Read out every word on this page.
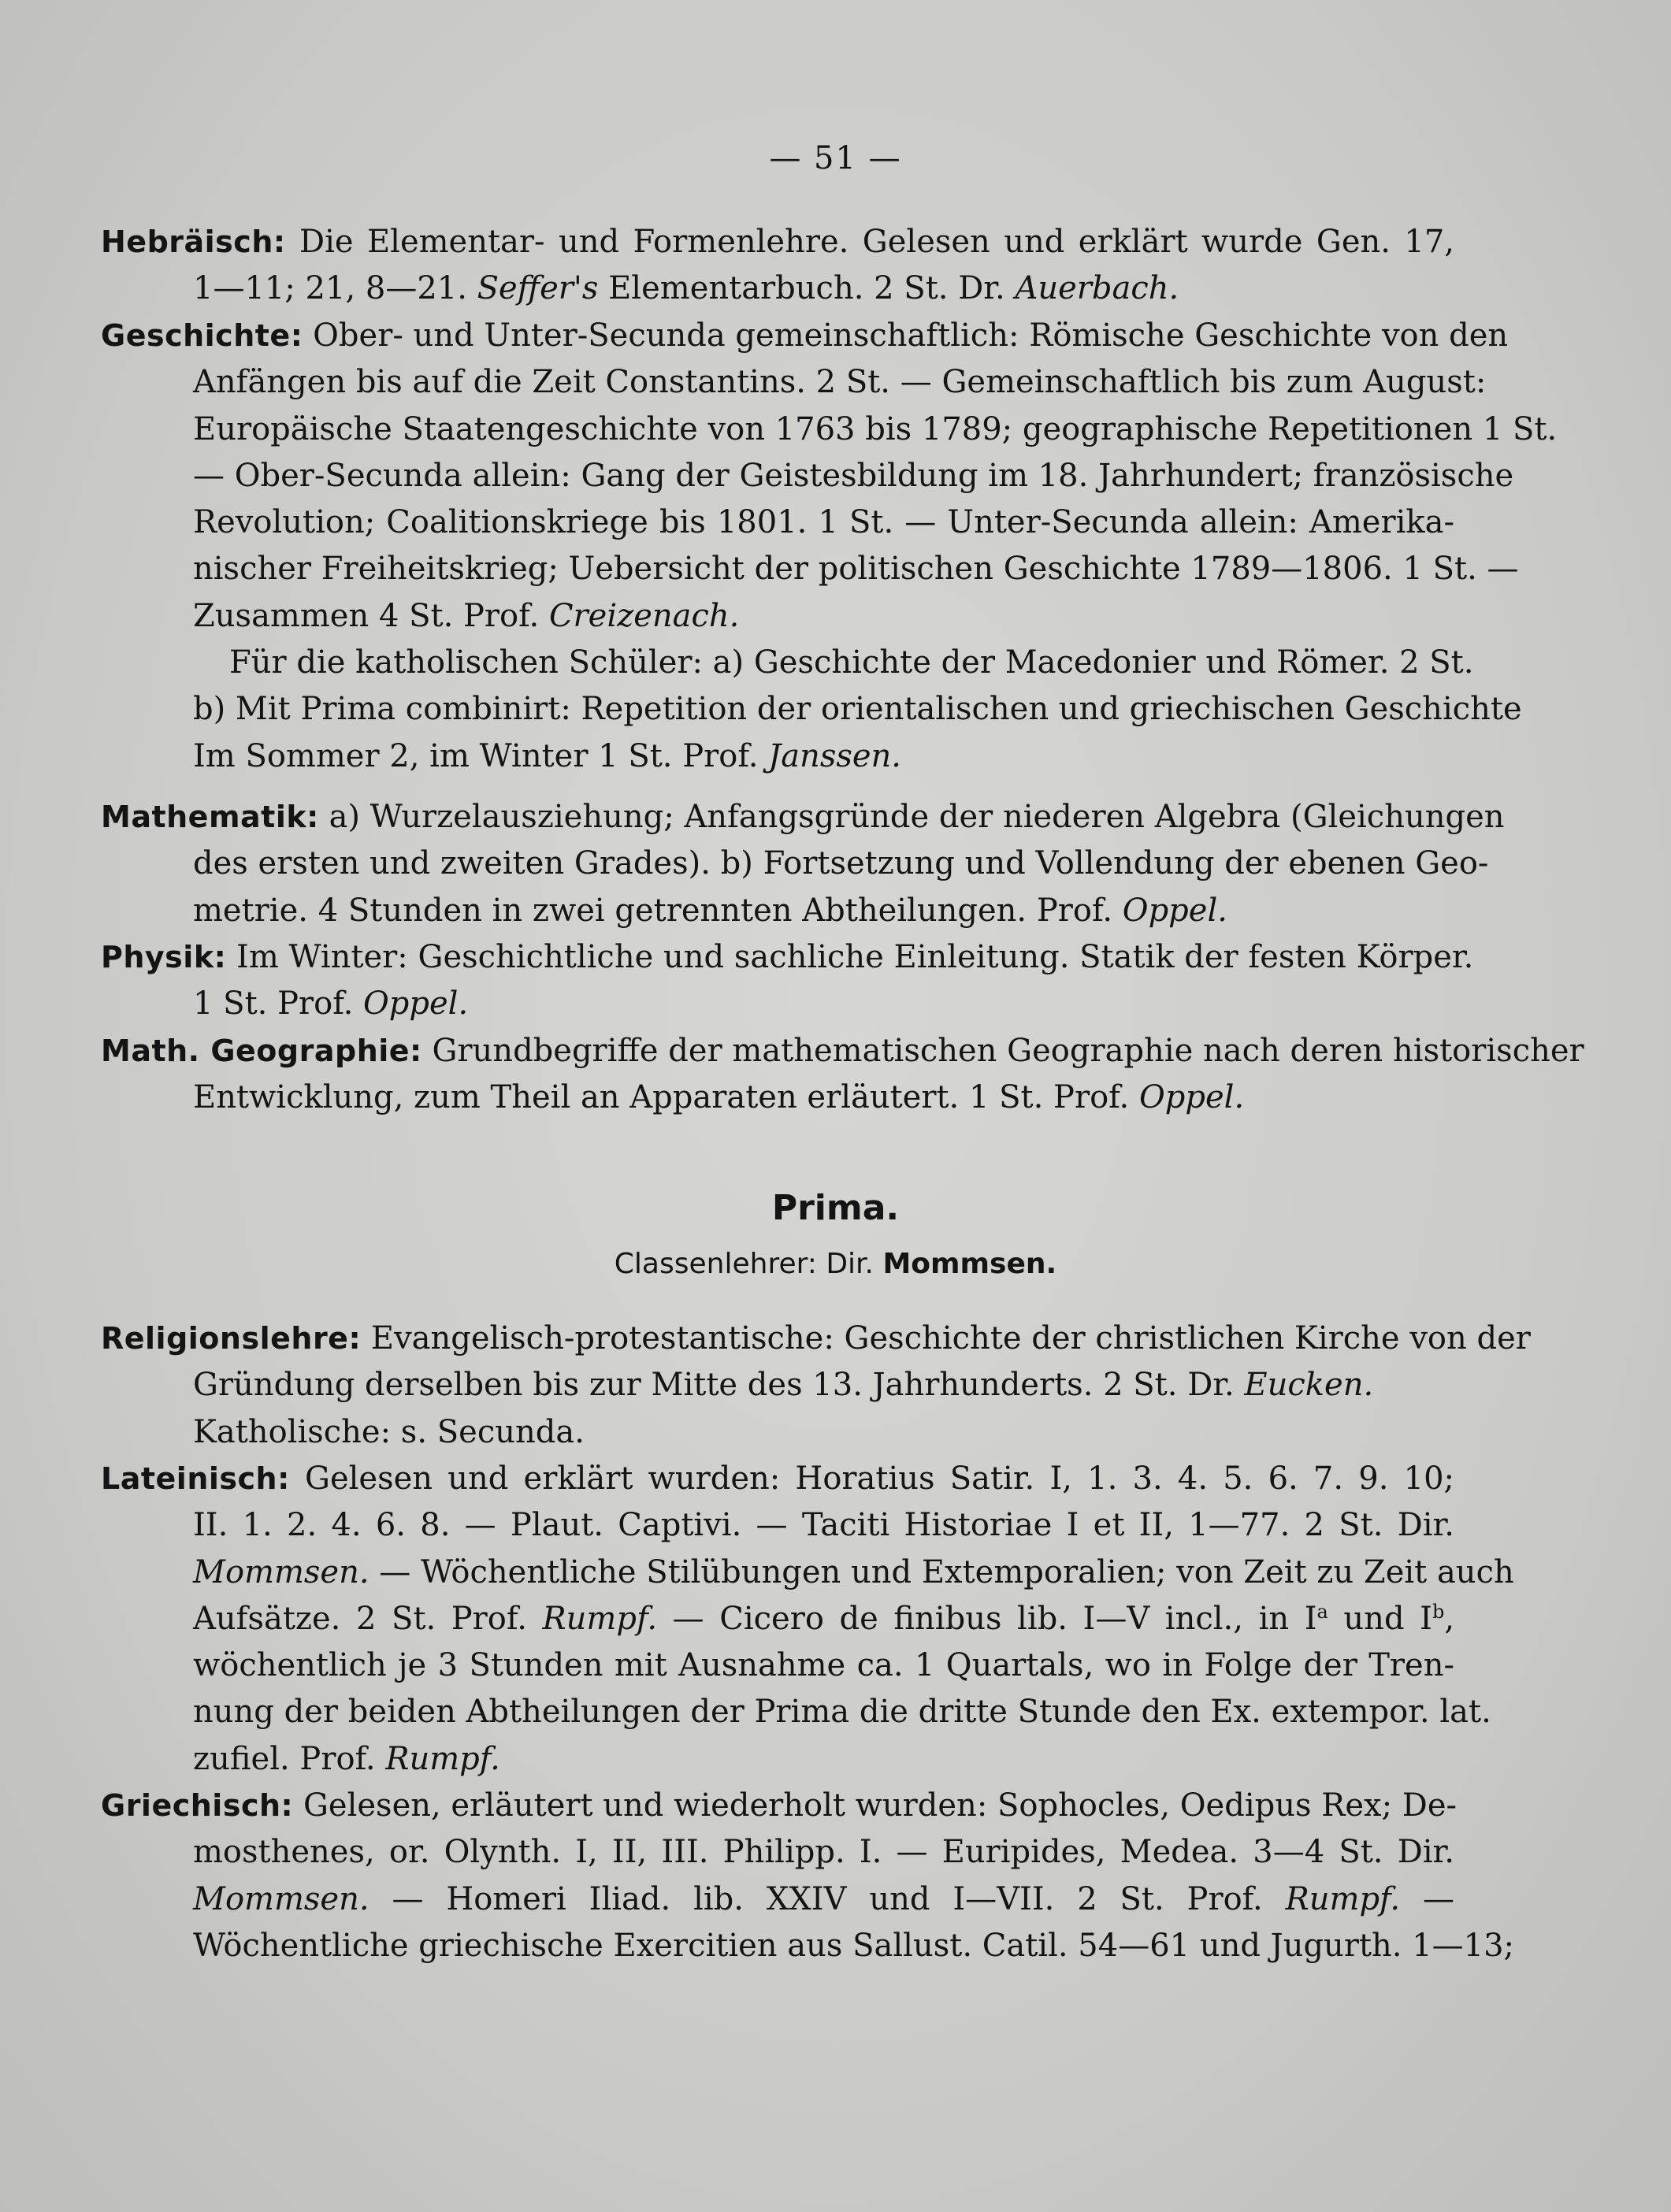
— 51 —
Hebräisch: Die Elementar- und Formenlehre. Gelesen und erklärt wurde Gen. 17,
1—11; 21, 8—21. Seffer's Elementarbuch. 2 St. Dr. Auerbach.
Geschichte: Ober- und Unter-Secunda gemeinschaftlich: Römische Geschichte von den
Anfängen bis auf die Zeit Constantins. 2 St. — Gemeinschaftlich bis zum August:
Europäische Staatengeschichte von 1763 bis 1789; geographische Repetitionen 1 St.
— Ober-Secunda allein: Gang der Geistesbildung im 18. Jahrhundert; französische
Revolution; Coalitionskriege bis 1801. 1 St. — Unter-Secunda allein: Amerika-
nischer Freiheitskrieg; Uebersicht der politischen Geschichte 1789—1806. 1 St. —
Zusammen 4 St. Prof. Creizenach.
Für die katholischen Schüler: a) Geschichte der Macedonier und Römer. 2 St.
b) Mit Prima combinirt: Repetition der orientalischen und griechischen Geschichte
Im Sommer 2, im Winter 1 St. Prof. Janssen.
Mathematik: a) Wurzelausziehung; Anfangsgründe der niederen Algebra (Gleichungen
des ersten und zweiten Grades). b) Fortsetzung und Vollendung der ebenen Geo-
metrie. 4 Stunden in zwei getrennten Abtheilungen. Prof. Oppel.
Physik: Im Winter: Geschichtliche und sachliche Einleitung. Statik der festen Körper.
1 St. Prof. Oppel.
Math. Geographie: Grundbegriffe der mathematischen Geographie nach deren historischer
Entwicklung, zum Theil an Apparaten erläutert. 1 St. Prof. Oppel.
Prima.
Classenlehrer: Dir. Mommsen.
Religionslehre: Evangelisch-protestantische: Geschichte der christlichen Kirche von der
Gründung derselben bis zur Mitte des 13. Jahrhunderts. 2 St. Dr. Eucken.
Katholische: s. Secunda.
Lateinisch: Gelesen und erklärt wurden: Horatius Satir. I, 1. 3. 4. 5. 6. 7. 9. 10;
II. 1. 2. 4. 6. 8. — Plaut. Captivi. — Taciti Historiae I et II, 1—77. 2 St. Dir.
Mommsen. — Wöchentliche Stilübungen und Extemporalien; von Zeit zu Zeit auch
Aufsätze. 2 St. Prof. Rumpf. — Cicero de finibus lib. I—V incl., in $I^a$ und $I^b$,
wöchentlich je 3 Stunden mit Ausnahme ca. 1 Quartals, wo in Folge der Tren-
nung der beiden Abtheilungen der Prima die dritte Stunde den Ex. extempor. lat.
zufiel. Prof. Rumpf.
Griechisch: Gelesen, erläutert und wiederholt wurden: Sophocles, Oedipus Rex; De-
mosthenes, or. Olynth. I, II, III. Philipp. I. — Euripides, Medea. 3—4 St. Dir.
Mommsen. — Homeri Iliad. lib. XXIV und I—VII. 2 St. Prof. Rumpf. —
Wöchentliche griechische Exercitien aus Sallust. Catil. 54—61 und Jugurth. 1—13;
